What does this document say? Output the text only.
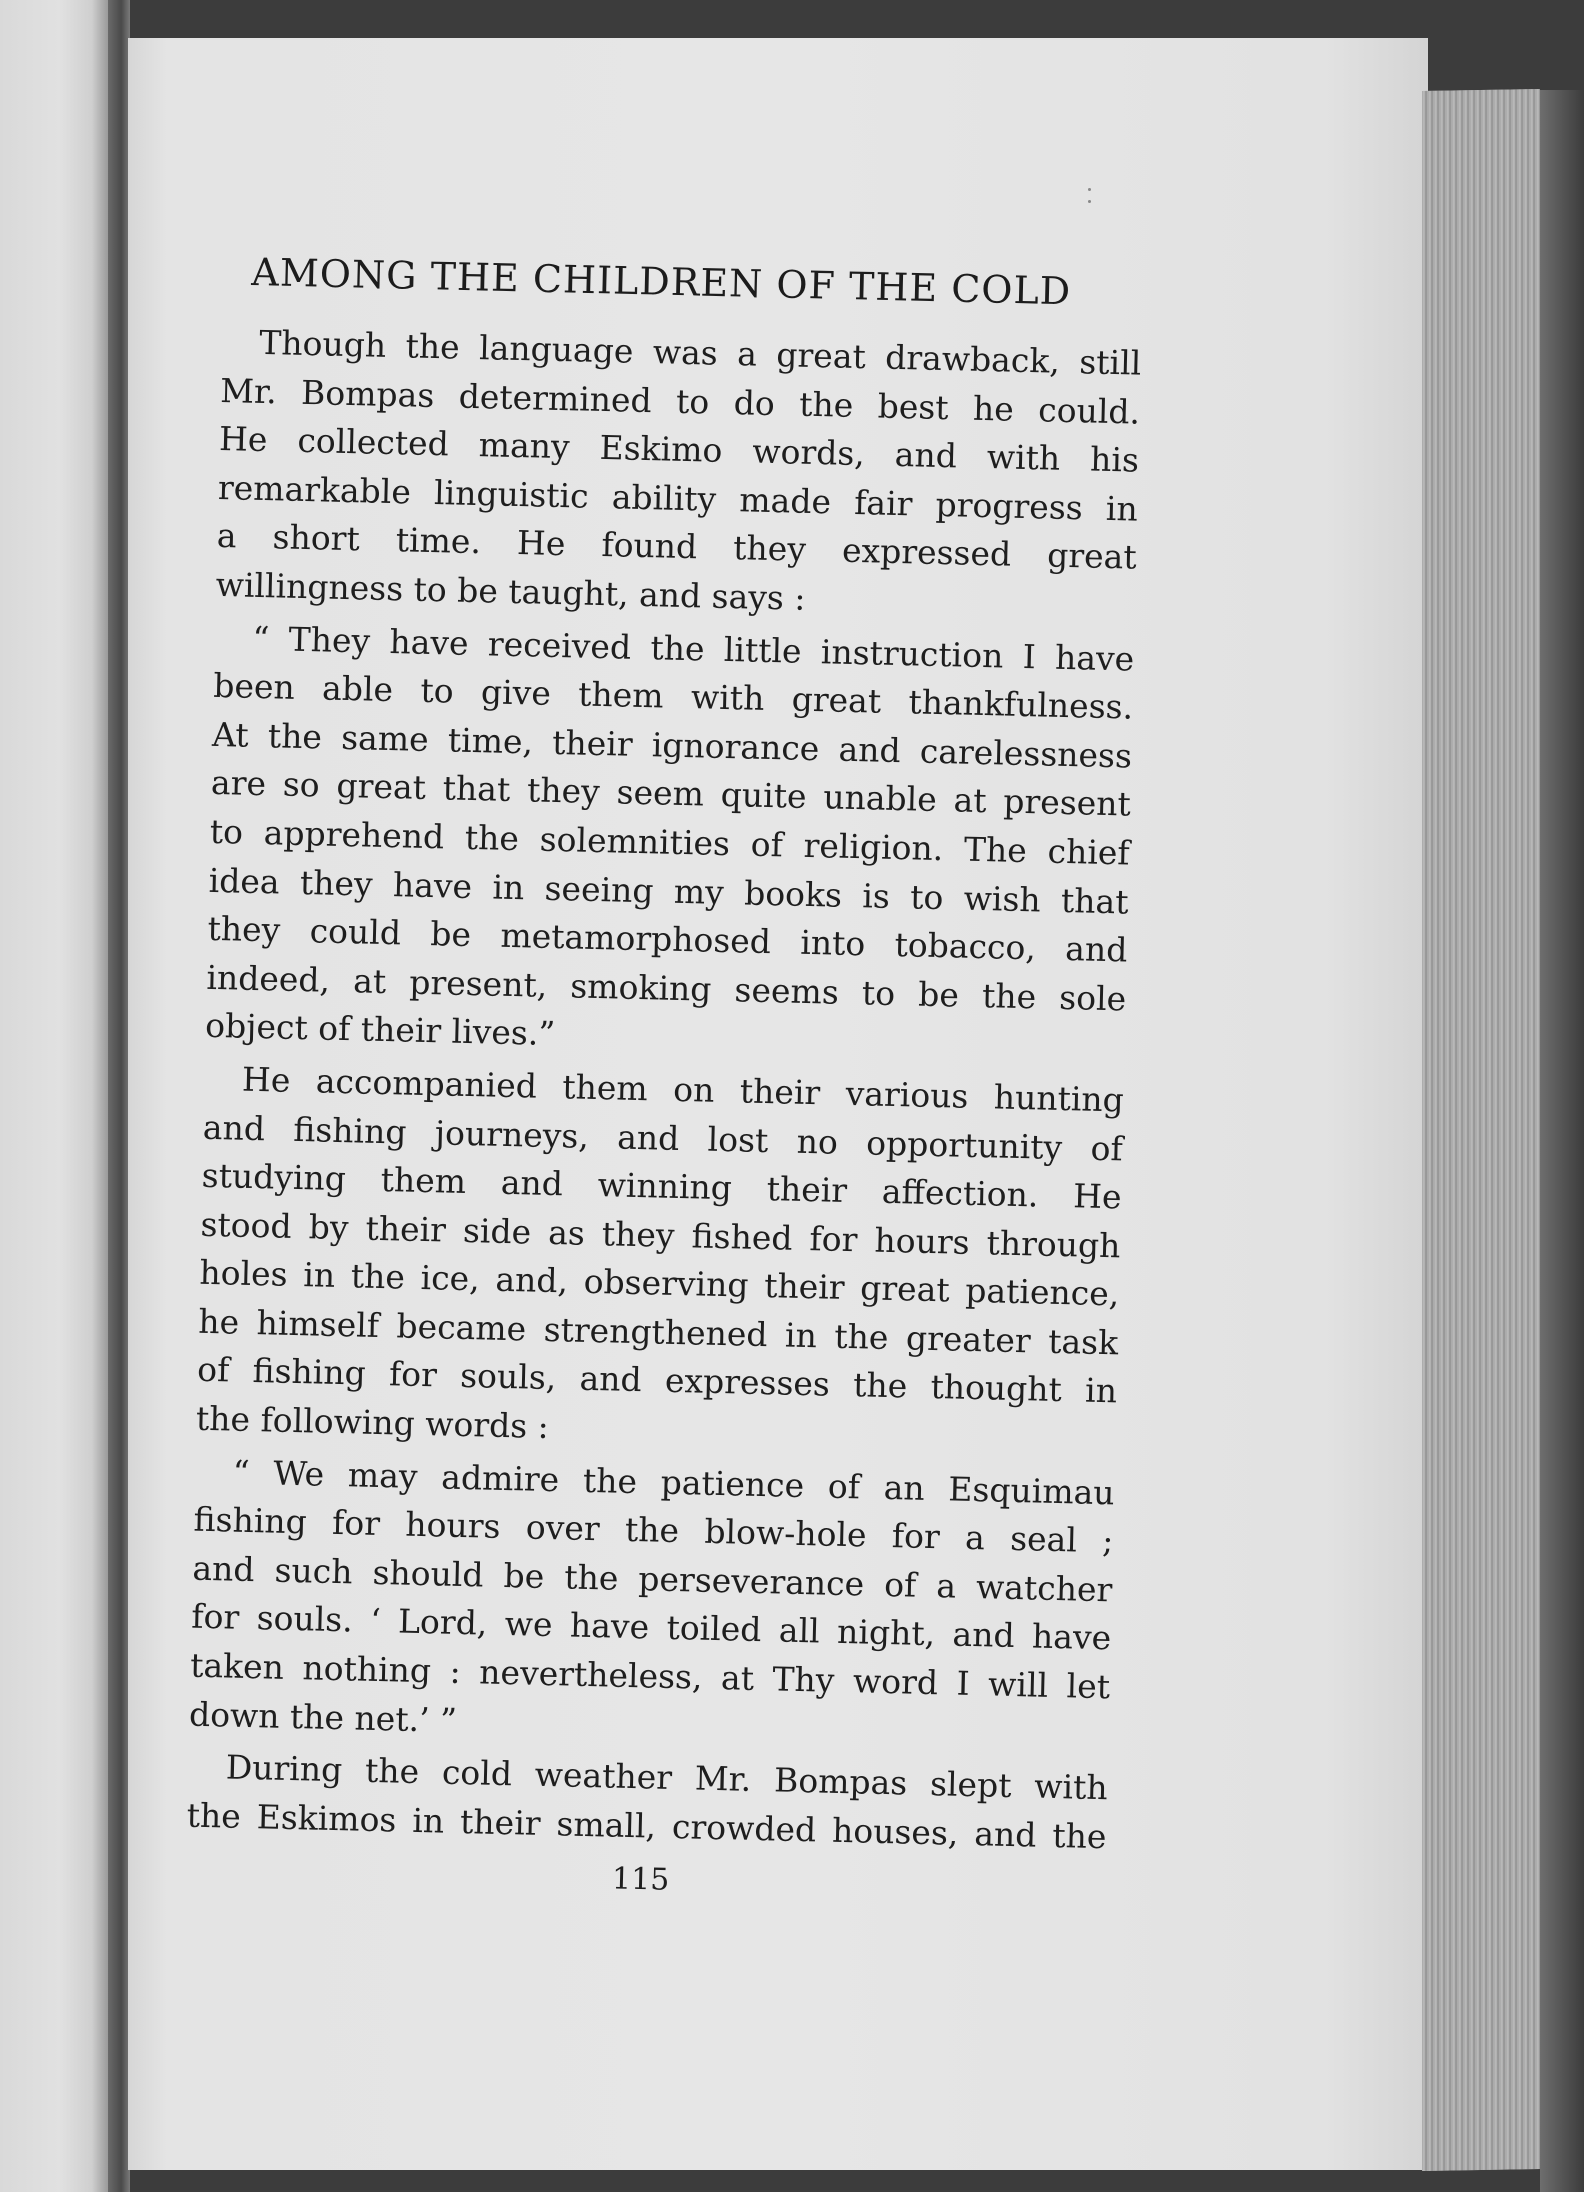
AMONG THE CHILDREN OF THE COLD
Though the language was a great drawback, still
Mr. Bompas determined to do the best he could.
He collected many Eskimo words, and with his
remarkable linguistic ability made fair progress in
a short time. He found they expressed great
willingness to be taught, and says :
“ They have received the little instruction I have
been able to give them with great thankfulness.
At the same time, their ignorance and carelessness
are so great that they seem quite unable at present
to apprehend the solemnities of religion. The chief
idea they have in seeing my books is to wish that
they could be metamorphosed into tobacco, and
indeed, at present, smoking seems to be the sole
object of their lives.”
He accompanied them on their various hunting
and fishing journeys, and lost no opportunity of
studying them and winning their affection. He
stood by their side as they fished for hours through
holes in the ice, and, observing their great patience,
he himself became strengthened in the greater task
of fishing for souls, and expresses the thought in
the following words :
“ We may admire the patience of an Esquimau
fishing for hours over the blow-hole for a seal ;
and such should be the perseverance of a watcher
for souls. ‘ Lord, we have toiled all night, and have
taken nothing : nevertheless, at Thy word I will let
down the net.’ ”
During the cold weather Mr. Bompas slept with
the Eskimos in their small, crowded houses, and the
115
